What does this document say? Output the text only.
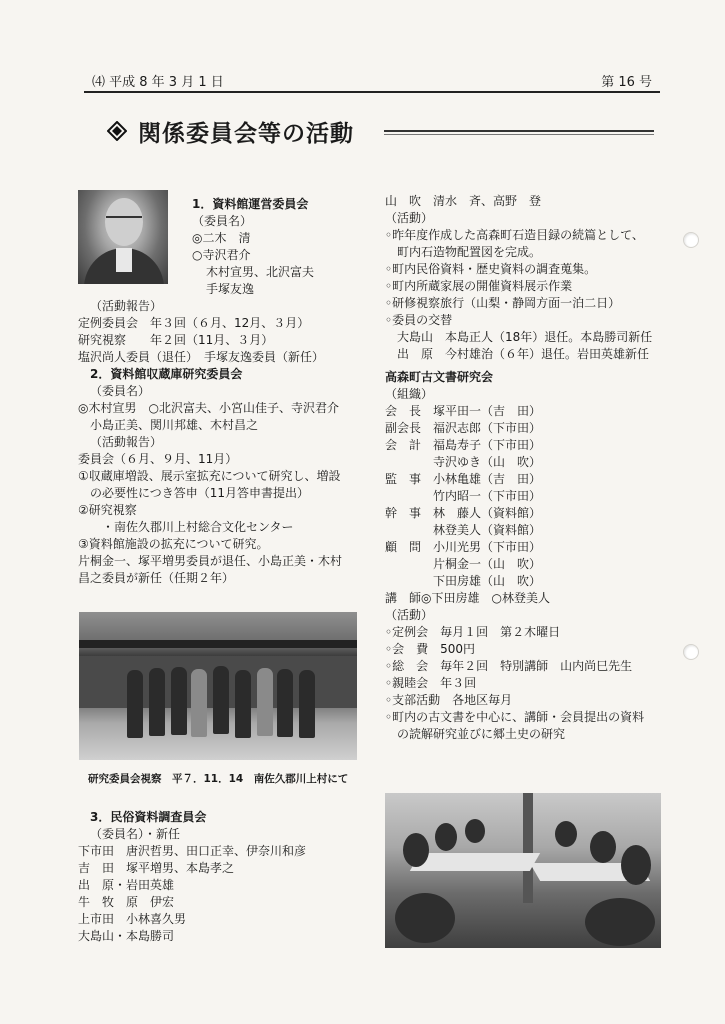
⑷ 平成 8 年 3 月 1 日	第 16 号
関係委員会等の活動
1．資料館運営委員会
（委員名）
◎二木　清
○寺沢君介
木村宣男、北沢富夫
手塚友逸
（活動報告）
定例委員会　年３回（６月、12月、３月）
研究視察　　年２回（11月、３月）
塩沢尚人委員（退任）　手塚友逸委員（新任）
2．資料館収蔵庫研究委員会
（委員名）
◎木村宣男　○北沢富夫、小宮山佳子、寺沢君介
小島正美、関川邦雄、木村昌之
（活動報告）
委員会（６月、９月、11月）
①収蔵庫増設、展示室拡充について研究し、増設
の必要性につき答申（11月答申書提出）
②研究視察
・南佐久郡川上村総合文化センター
③資料館施設の拡充について研究。
片桐金一、塚平増男委員が退任、小島正美・木村
昌之委員が新任（任期２年）
研究委員会視察　平７．11．14　南佐久郡川上村にて
3．民俗資料調査員会
（委員名）・新任
下市田　唐沢哲男、田口正幸、伊奈川和彦
吉　田　塚平増男、本島孝之
出　原・岩田英雄
牛　牧　原　伊宏
上市田　小林喜久男
大島山・本島勝司
山　吹　清水　斉、高野　登
（活動）
◦昨年度作成した高森町石造目録の続篇として、
町内石造物配置図を完成。
◦町内民俗資料・歴史資料の調査蒐集。
◦町内所蔵家展の開催資料展示作業
◦研修視察旅行（山梨・静岡方面一泊二日）
◦委員の交替
大島山　本島正人（18年）退任。本島勝司新任
出　原　今村雄治（６年）退任。岩田英雄新任
高森町古文書研究会
（組織）
会　長　塚平田一（吉　田）
副会長　福沢志郎（下市田）
会　計　福島寿子（下市田）
寺沢ゆき（山　吹）
監　事　小林亀雄（吉　田）
竹内昭一（下市田）
幹　事　林　藤人（資料館）
林登美人（資料館）
顧　問　小川光男（下市田）
片桐金一（山　吹）
下田房雄（山　吹）
講　師◎下田房雄　○林登美人
（活動）
◦定例会　毎月１回　第２木曜日
◦会　費　500円
◦総　会　毎年２回　特別講師　山内尚巳先生
◦親睦会　年３回
◦支部活動　各地区毎月
◦町内の古文書を中心に、講師・会員提出の資料
の読解研究並びに郷土史の研究
